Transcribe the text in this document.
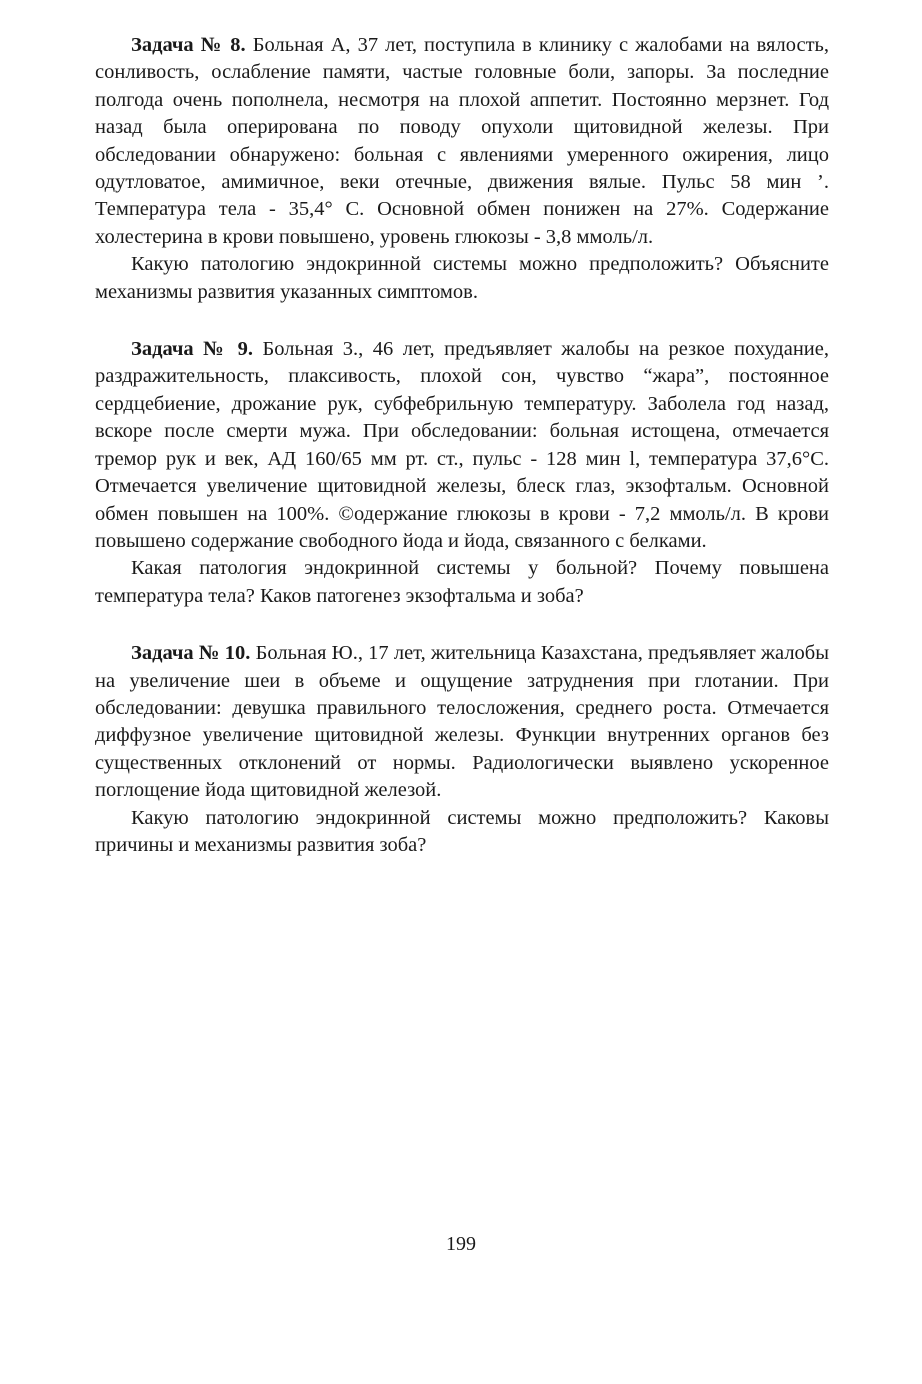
Задача № 8. Больная А, 37 лет, поступила в клинику с жалобами на вялость, сонливость, ослабление памяти, частые головные боли, запоры. За последние полгода очень пополнела, несмотря на плохой аппетит. Постоянно мерзнет. Год назад была оперирована по поводу опухоли щитовидной железы. При обследовании обнаружено: больная с явлениями умеренного ожирения, лицо одутловатое, амимичное, веки отечные, движения вялые. Пульс 58 мин ’. Температура тела - 35,4° С. Основной обмен понижен на 27%. Содержание холестерина в крови повышено, уровень глюкозы - 3,8 ммоль/л.

Какую патологию эндокринной системы можно предположить? Объясните механизмы развития указанных симптомов.

Задача № 9. Больная 3., 46 лет, предъявляет жалобы на резкое похудание, раздражительность, плаксивость, плохой сон, чувство “жара”, постоянное сердцебиение, дрожание рук, субфебрильную температуру. Заболела год назад, вскоре после смерти мужа. При обследовании: больная истощена, отмечается тремор рук и век, АД 160/65 мм рт. ст., пульс - 128 мин l, температура 37,6°С. Отмечается увеличение щитовидной железы, блеск глаз, экзофтальм. Основной обмен повышен на 100%. ©одержание глюкозы в крови - 7,2 ммоль/л. В крови повышено содержание свободного йода и йода, связанного с белками.

Какая патология эндокринной системы у больной? Почему повышена температура тела? Каков патогенез экзофтальма и зоба?

Задача № 10. Больная Ю., 17 лет, жительница Казахстана, предъявляет жалобы на увеличение шеи в объеме и ощущение затруднения при глотании. При обследовании: девушка правильного телосложения, среднего роста. Отмечается диффузное увеличение щитовидной железы. Функции внутренних органов без существенных отклонений от нормы. Радиологически выявлено ускоренное поглощение йода щитовидной железой.

Какую патологию эндокринной системы можно предположить? Каковы причины и механизмы развития зоба?

199
